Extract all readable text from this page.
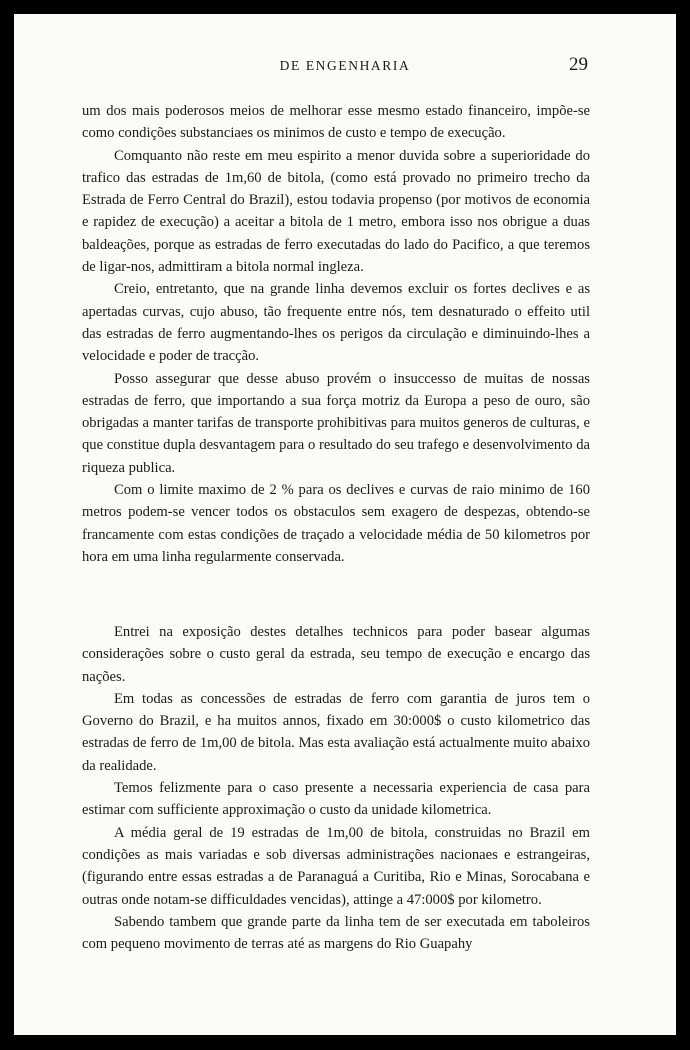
DE ENGENHARIA	29

um dos mais poderosos meios de melhorar esse mesmo estado financeiro, impõe-se como condições substanciaes os minimos de custo e tempo de execução.

Comquanto não reste em meu espirito a menor duvida sobre a superioridade do trafico das estradas de 1m,60 de bitola, (como está provado no primeiro trecho da Estrada de Ferro Central do Brazil), estou todavia propenso (por motivos de economia e rapidez de execução) a aceitar a bitola de 1 metro, embora isso nos obrigue a duas baldeações, porque as estradas de ferro executadas do lado do Pacifico, a que teremos de ligar-nos, admittiram a bitola normal ingleza.

Creio, entretanto, que na grande linha devemos excluir os fortes declives e as apertadas curvas, cujo abuso, tão frequente entre nós, tem desnaturado o effeito util das estradas de ferro augmentando-lhes os perigos da circulação e diminuindo-lhes a velocidade e poder de tracção.

Posso assegurar que desse abuso provém o insuccesso de muitas de nossas estradas de ferro, que importando a sua força motriz da Europa a peso de ouro, são obrigadas a manter tarifas de transporte prohibitivas para muitos generos de culturas, e que constitue dupla desvantagem para o resultado do seu trafego e desenvolvimento da riqueza publica.

Com o limite maximo de 2 % para os declives e curvas de raio minimo de 160 metros podem-se vencer todos os obstaculos sem exagero de despezas, obtendo-se francamente com estas condições de traçado a velocidade média de 50 kilometros por hora em uma linha regularmente conservada.

Entrei na exposição destes detalhes technicos para poder basear algumas considerações sobre o custo geral da estrada, seu tempo de execução e encargo das nações.

Em todas as concessões de estradas de ferro com garantia de juros tem o Governo do Brazil, e ha muitos annos, fixado em 30:000$ o custo kilometrico das estradas de ferro de 1m,00 de bitola. Mas esta avaliação está actualmente muito abaixo da realidade.

Temos felizmente para o caso presente a necessaria experiencia de casa para estimar com sufficiente approximação o custo da unidade kilometrica.

A média geral de 19 estradas de 1m,00 de bitola, construidas no Brazil em condições as mais variadas e sob diversas administrações nacionaes e estrangeiras, (figurando entre essas estradas a de Paranaguá a Curitiba, Rio e Minas, Sorocabana e outras onde notam-se difficuldades vencidas), attinge a 47:000$ por kilometro.

Sabendo tambem que grande parte da linha tem de ser executada em taboleiros com pequeno movimento de terras até as margens do Rio Guapahy
